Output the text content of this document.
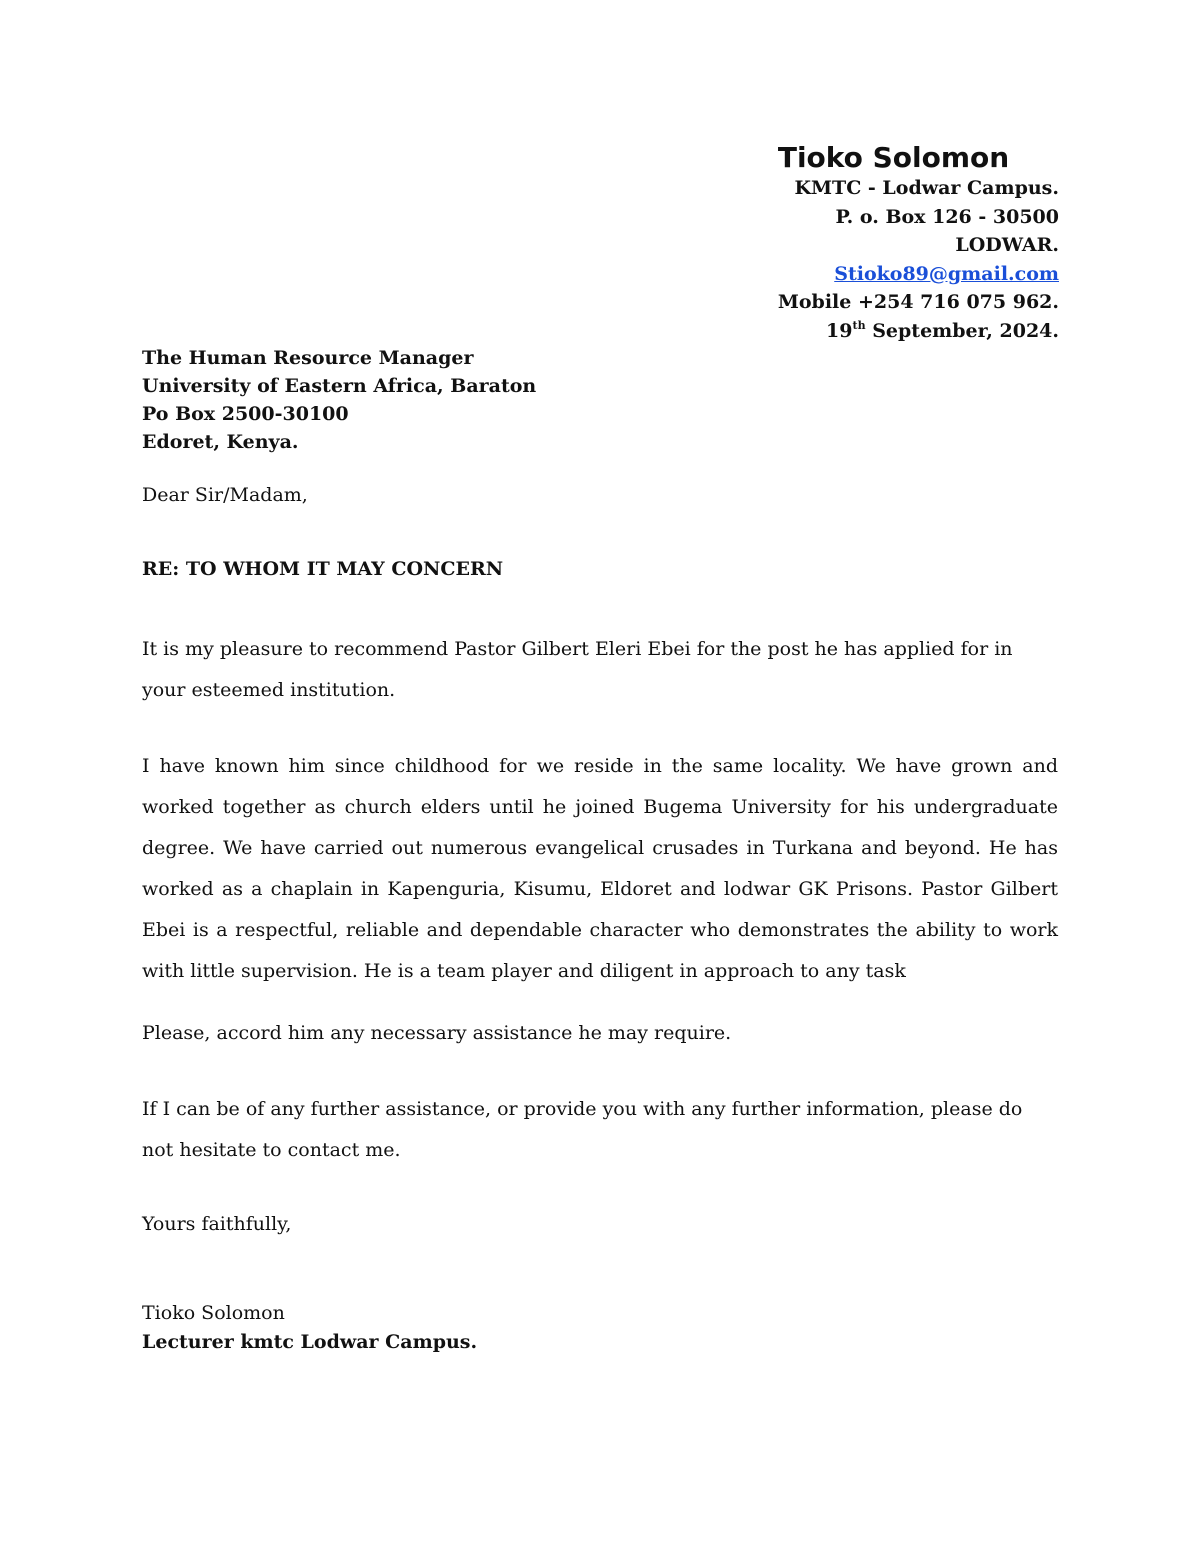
Tioko Solomon
KMTC - Lodwar Campus.
P. o. Box 126 - 30500
LODWAR.
Stioko89@gmail.com
Mobile +254 716 075 962.
19th September, 2024.
The Human Resource Manager
University of Eastern Africa, Baraton
Po Box 2500-30100
Edoret, Kenya.
Dear Sir/Madam,
RE: TO WHOM IT MAY CONCERN
It is my pleasure to recommend Pastor Gilbert Eleri Ebei for the post he has applied for in your esteemed institution.
I have known him since childhood for we reside in the same locality. We have grown and worked together as church elders until he joined Bugema University for his undergraduate degree. We have carried out numerous evangelical crusades in Turkana and beyond. He has worked as a chaplain in Kapenguria, Kisumu, Eldoret and lodwar GK Prisons. Pastor Gilbert Ebei is a respectful, reliable and dependable character who demonstrates the ability to work with little supervision. He is a team player and diligent in approach to any task
Please, accord him any necessary assistance he may require.
If I can be of any further assistance, or provide you with any further information, please do not hesitate to contact me.
Yours faithfully,
Tioko Solomon
Lecturer kmtc Lodwar Campus.
